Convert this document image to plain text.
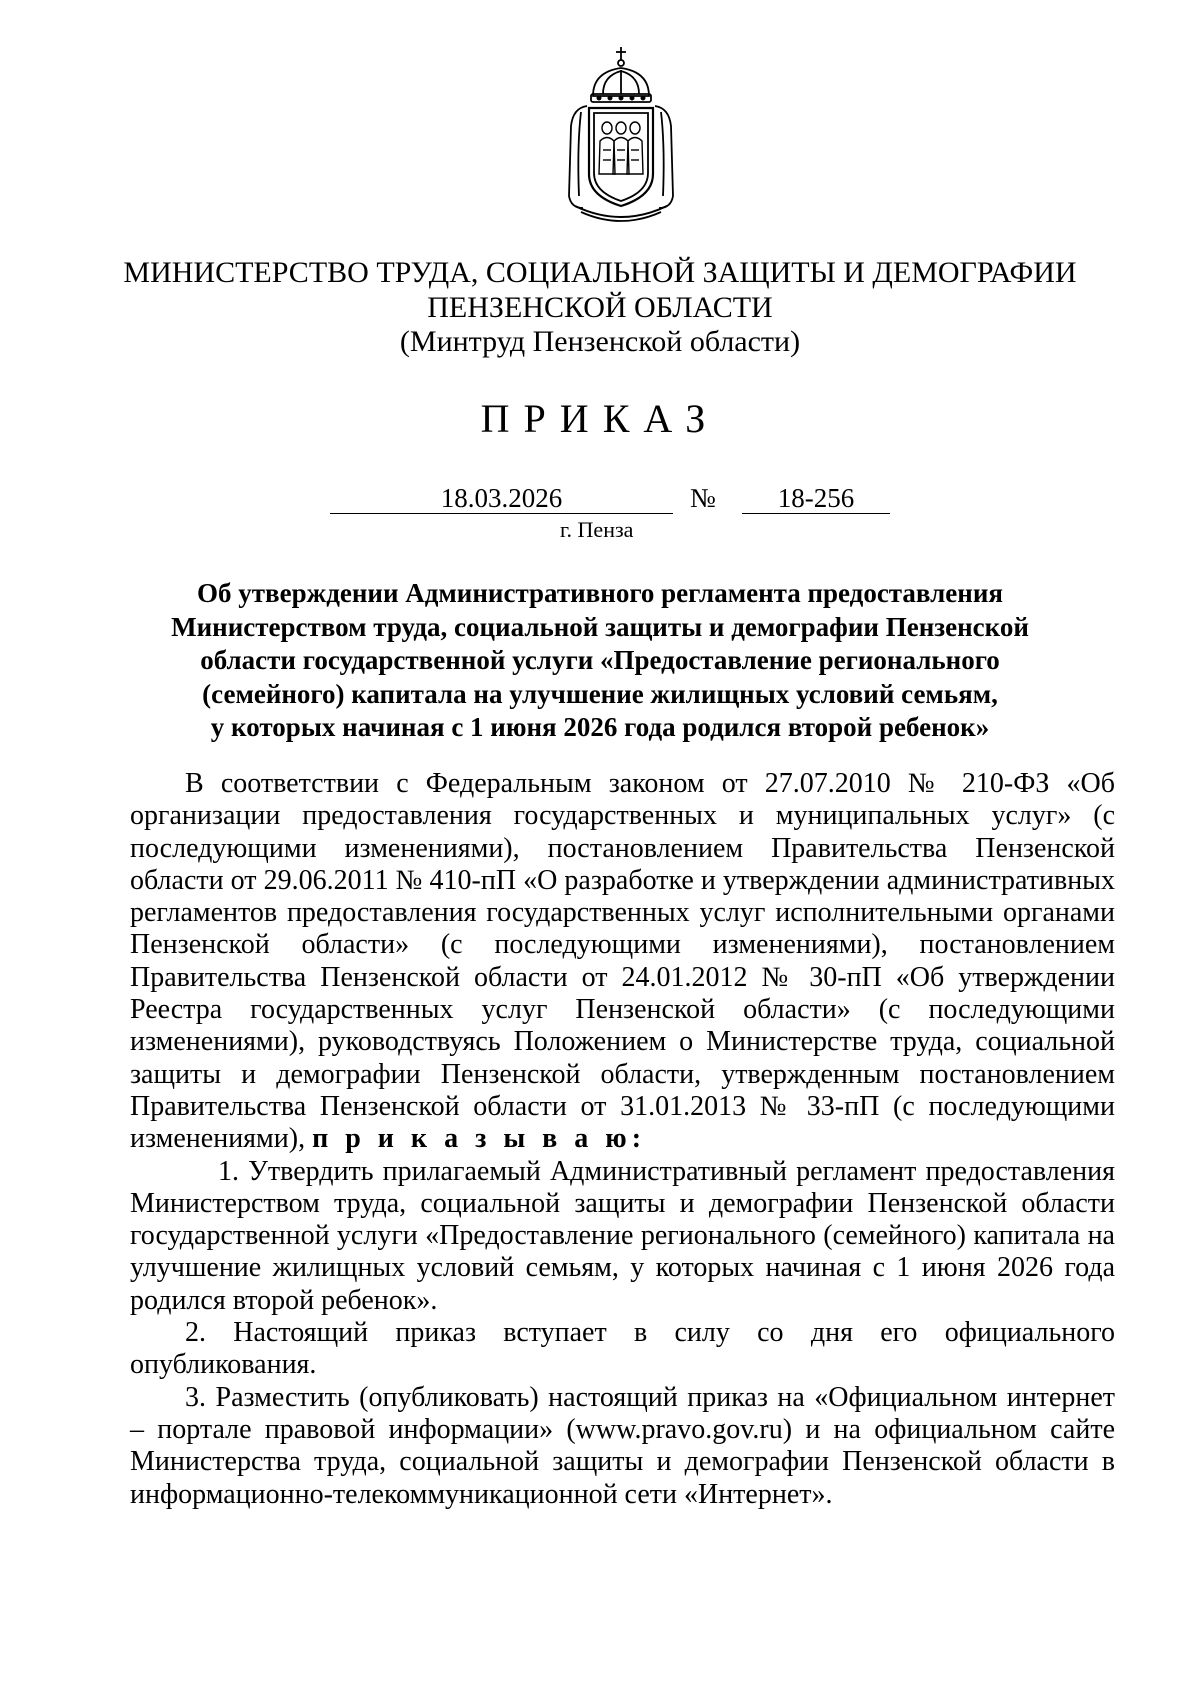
МИНИСТЕРСТВО ТРУДА, СОЦИАЛЬНОЙ ЗАЩИТЫ И ДЕМОГРАФИИ
ПЕНЗЕНСКОЙ ОБЛАСТИ
(Минтруд Пензенской области)
ПРИКАЗ
18.03.2026	№	18-256
г. Пенза
Об утверждении Административного регламента предоставления
Министерством труда, социальной защиты и демографии Пензенской
области государственной услуги «Предоставление регионального
(семейного) капитала на улучшение жилищных условий семьям,
у которых начиная с 1 июня 2026 года родился второй ребенок»

В соответствии с Федеральным законом от 27.07.2010 № 210-ФЗ «Об организации предоставления государственных и муниципальных услуг» (с последующими изменениями), постановлением Правительства Пензенской области от 29.06.2011 № 410-пП «О разработке и утверждении административных регламентов предоставления государственных услуг исполнительными органами Пензенской области» (с последующими изменениями), постановлением Правительства Пензенской области от 24.01.2012 № 30-пП «Об утверждении Реестра государственных услуг Пензенской области» (с последующими изменениями), руководствуясь Положением о Министерстве труда, социальной защиты и демографии Пензенской области, утвержденным постановлением Правительства Пензенской области от 31.01.2013 № 33-пП (с последующими изменениями), п р и к а з ы в а ю:

1. Утвердить прилагаемый Административный регламент предоставления Министерством труда, социальной защиты и демографии Пензенской области государственной услуги «Предоставление регионального (семейного) капитала на улучшение жилищных условий семьям, у которых начиная с 1 июня 2026 года родился второй ребенок».

2. Настоящий приказ вступает в силу со дня его официального опубликования.

3. Разместить (опубликовать) настоящий приказ на «Официальном интернет – портале правовой информации» (www.pravo.gov.ru) и на официальном сайте Министерства труда, социальной защиты и демографии Пензенской области в информационно-телекоммуникационной сети «Интернет».
